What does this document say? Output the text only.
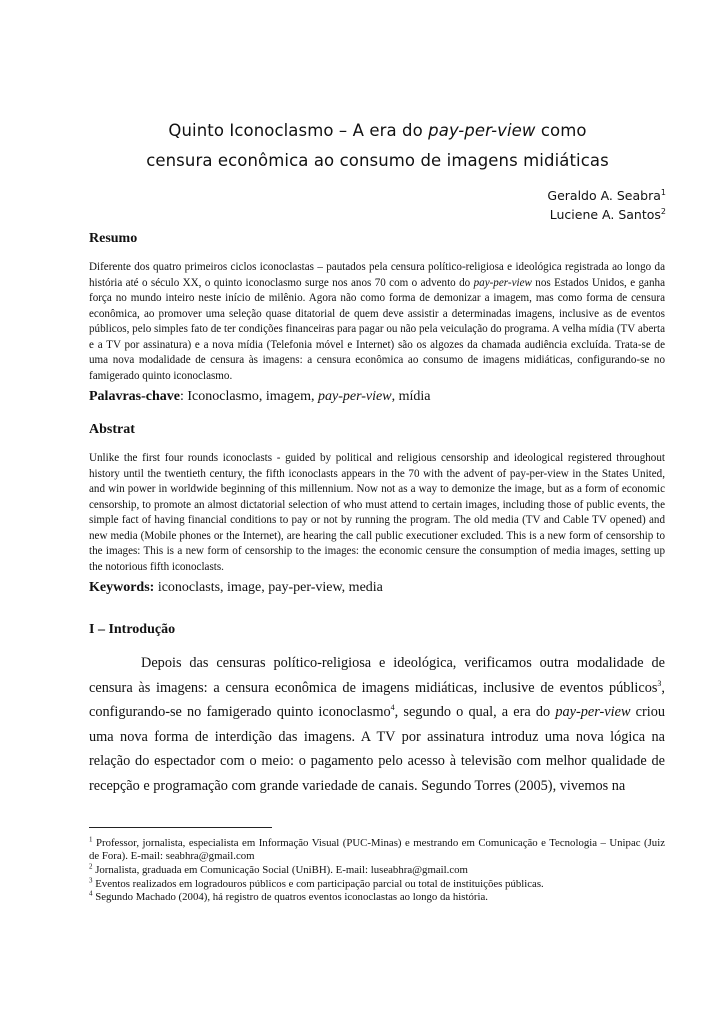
Quinto Iconoclasmo – A era do pay-per-view como
censura econômica ao consumo de imagens midiáticas
Geraldo A. Seabra$^1$
Luciene A. Santos$^2$
Resumo
Diferente dos quatro primeiros ciclos iconoclastas – pautados pela censura político-religiosa e ideológica registrada ao longo da história até o século XX, o quinto iconoclasmo surge nos anos 70 com o advento do pay-per-view nos Estados Unidos, e ganha força no mundo inteiro neste início de milênio. Agora não como forma de demonizar a imagem, mas como forma de censura econômica, ao promover uma seleção quase ditatorial de quem deve assistir a determinadas imagens, inclusive as de eventos públicos, pelo simples fato de ter condições financeiras para pagar ou não pela veiculação do programa. A velha mídia (TV aberta e a TV por assinatura) e a nova mídia (Telefonia móvel e Internet) são os algozes da chamada audiência excluída. Trata-se de uma nova modalidade de censura às imagens: a censura econômica ao consumo de imagens midiáticas, configurando-se no famigerado quinto iconoclasmo.
Palavras-chave: Iconoclasmo, imagem, pay-per-view, mídia
Abstrat
Unlike the first four rounds iconoclasts - guided by political and religious censorship and ideological registered throughout history until the twentieth century, the fifth iconoclasts appears in the 70 with the advent of pay-per-view in the States United, and win power in worldwide beginning of this millennium. Now not as a way to demonize the image, but as a form of economic censorship, to promote an almost dictatorial selection of who must attend to certain images, including those of public events, the simple fact of having financial conditions to pay or not by running the program. The old media (TV and Cable TV opened) and new media (Mobile phones or the Internet), are hearing the call public executioner excluded. This is a new form of censorship to the images: This is a new form of censorship to the images: the economic censure the consumption of media images, setting up the notorious fifth iconoclasts.
Keywords: iconoclasts, image, pay-per-view, media
I – Introdução
Depois das censuras político-religiosa e ideológica, verificamos outra modalidade de censura às imagens: a censura econômica de imagens midiáticas, inclusive de eventos públicos$^3$, configurando-se no famigerado quinto iconoclasmo$^4$, segundo o qual, a era do pay-per-view criou uma nova forma de interdição das imagens. A TV por assinatura introduz uma nova lógica na relação do espectador com o meio: o pagamento pelo acesso à televisão com melhor qualidade de recepção e programação com grande variedade de canais. Segundo Torres (2005), vivemos na
$^1$ Professor, jornalista, especialista em Informação Visual (PUC-Minas) e mestrando em Comunicação e Tecnologia – Unipac (Juiz de Fora). E-mail: seabhra@gmail.com
$^2$ Jornalista, graduada em Comunicação Social (UniBH). E-mail: luseabhra@gmail.com
$^3$ Eventos realizados em logradouros públicos e com participação parcial ou total de instituições públicas.
$^4$ Segundo Machado (2004), há registro de quatros eventos iconoclastas ao longo da história.
